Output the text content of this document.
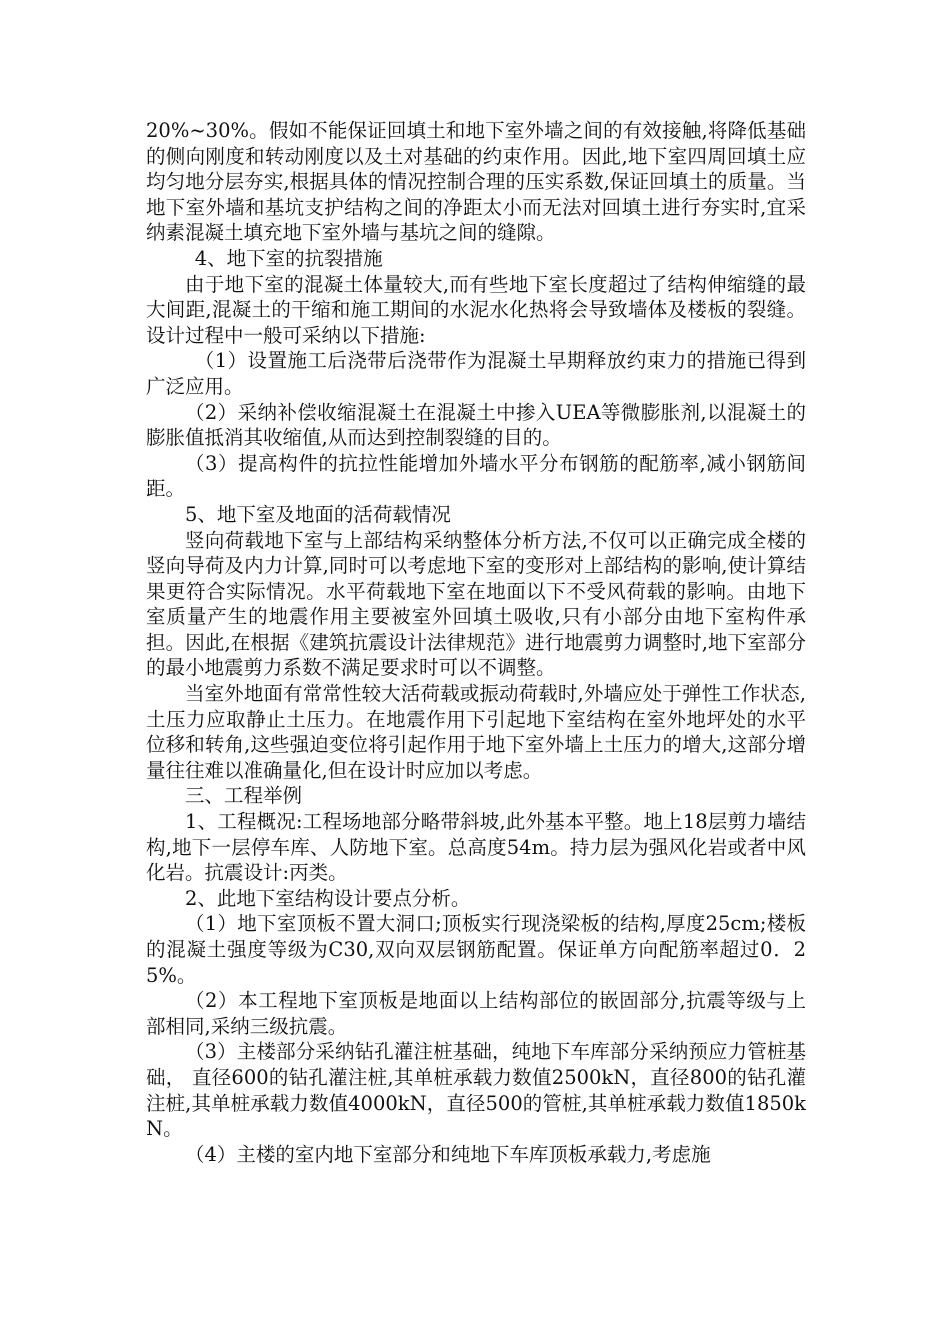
20%~30%。假如不能保证回填土和地下室外墙之间的有效接触,将降低基础的侧向刚度和转动刚度以及土对基础的约束作用。因此,地下室四周回填土应均匀地分层夯实,根据具体的情况控制合理的压实系数,保证回填土的质量。当地下室外墙和基坑支护结构之间的净距太小而无法对回填土进行夯实时,宜采纳素混凝土填充地下室外墙与基坑之间的缝隙。

4、地下室的抗裂措施

由于地下室的混凝土体量较大,而有些地下室长度超过了结构伸缩缝的最大间距,混凝土的干缩和施工期间的水泥水化热将会导致墙体及楼板的裂缝。设计过程中一般可采纳以下措施:

（1）设置施工后浇带后浇带作为混凝土早期释放约束力的措施已得到广泛应用。

（2）采纳补偿收缩混凝土在混凝土中掺入UEA等微膨胀剂,以混凝土的膨胀值抵消其收缩值,从而达到控制裂缝的目的。

（3）提高构件的抗拉性能增加外墙水平分布钢筋的配筋率,减小钢筋间距。

5、地下室及地面的活荷载情况

竖向荷载地下室与上部结构采纳整体分析方法,不仅可以正确完成全楼的竖向导荷及内力计算,同时可以考虑地下室的变形对上部结构的影响,使计算结果更符合实际情况。水平荷载地下室在地面以下不受风荷载的影响。由地下室质量产生的地震作用主要被室外回填土吸收,只有小部分由地下室构件承担。因此,在根据《建筑抗震设计法律规范》进行地震剪力调整时,地下室部分的最小地震剪力系数不满足要求时可以不调整。

当室外地面有常常性较大活荷载或振动荷载时,外墙应处于弹性工作状态,土压力应取静止土压力。在地震作用下引起地下室结构在室外地坪处的水平位移和转角,这些强迫变位将引起作用于地下室外墙上土压力的增大,这部分增量往往难以准确量化,但在设计时应加以考虑。

三、工程举例

1、工程概况:工程场地部分略带斜坡,此外基本平整。地上18层剪力墙结构,地下一层停车库、人防地下室。总高度54m。持力层为强风化岩或者中风化岩。抗震设计:丙类。

2、此地下室结构设计要点分析。

（1）地下室顶板不置大洞口;顶板实行现浇梁板的结构,厚度25cm;楼板的混凝土强度等级为C30,双向双层钢筋配置。保证单方向配筋率超过0．25%。

（2）本工程地下室顶板是地面以上结构部位的嵌固部分,抗震等级与上部相同,采纳三级抗震。

（3）主楼部分采纳钻孔灌注桩基础，纯地下车库部分采纳预应力管桩基础， 直径600的钻孔灌注桩,其单桩承载力数值2500kN，直径800的钻孔灌注桩,其单桩承载力数值4000kN，直径500的管桩,其单桩承载力数值1850kN。

（4）主楼的室内地下室部分和纯地下车库顶板承载力,考虑施
